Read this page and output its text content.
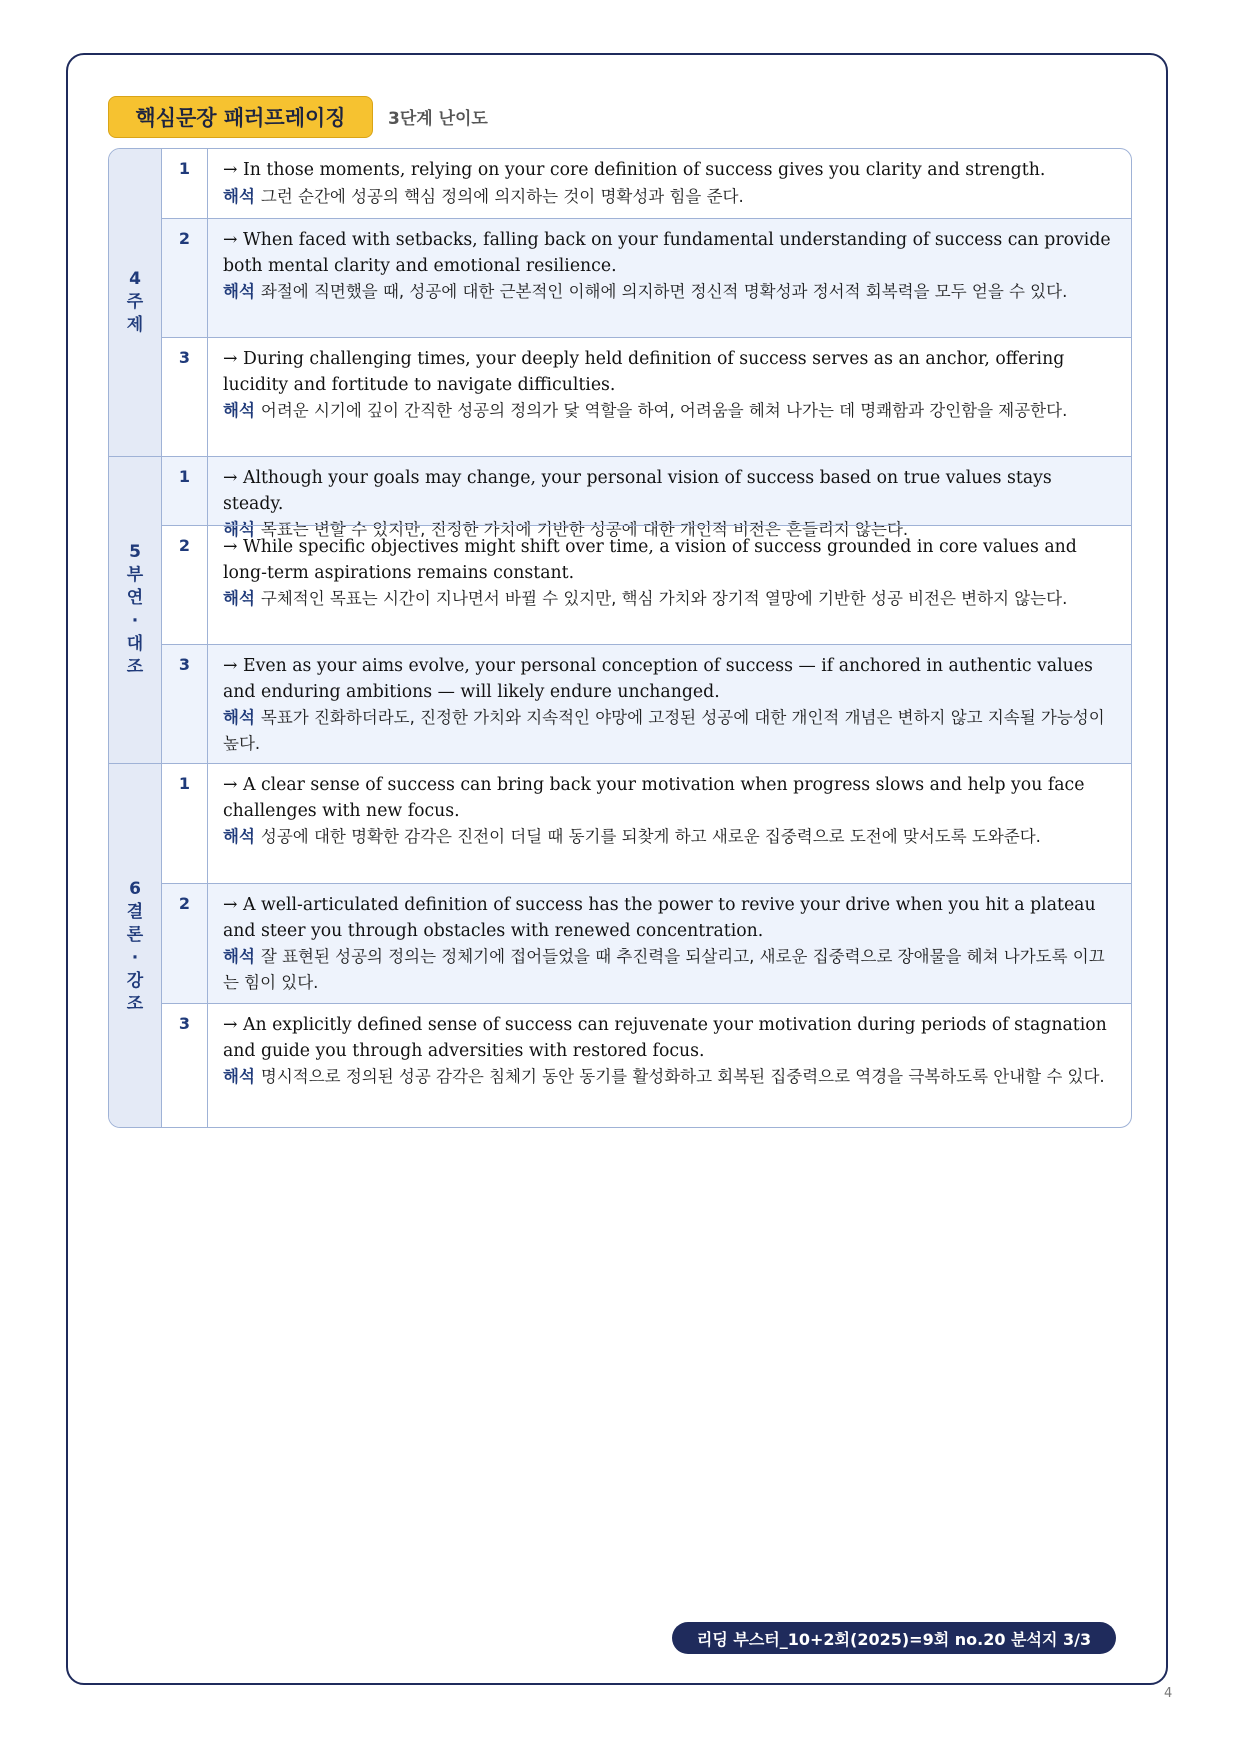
핵심문장 패러프레이징	3단계 난이도
4주제
1	→ In those moments, relying on your core definition of success gives you clarity and strength.
해석 그런 순간에 성공의 핵심 정의에 의지하는 것이 명확성과 힘을 준다.
2	→ When faced with setbacks, falling back on your fundamental understanding of success can provide both mental clarity and emotional resilience.
해석 좌절에 직면했을 때, 성공에 대한 근본적인 이해에 의지하면 정신적 명확성과 정서적 회복력을 모두 얻을 수 있다.
3	→ During challenging times, your deeply held definition of success serves as an anchor, offering lucidity and fortitude to navigate difficulties.
해석 어려운 시기에 깊이 간직한 성공의 정의가 닻 역할을 하여, 어려움을 헤쳐 나가는 데 명쾌함과 강인함을 제공한다.
5부연·대조
1	→ Although your goals may change, your personal vision of success based on true values stays steady.
해석 목표는 변할 수 있지만, 진정한 가치에 기반한 성공에 대한 개인적 비전은 흔들리지 않는다.
2	→ While specific objectives might shift over time, a vision of success grounded in core values and long-term aspirations remains constant.
해석 구체적인 목표는 시간이 지나면서 바뀔 수 있지만, 핵심 가치와 장기적 열망에 기반한 성공 비전은 변하지 않는다.
3	→ Even as your aims evolve, your personal conception of success — if anchored in authentic values and enduring ambitions — will likely endure unchanged.
해석 목표가 진화하더라도, 진정한 가치와 지속적인 야망에 고정된 성공에 대한 개인적 개념은 변하지 않고 지속될 가능성이 높다.
6결론·강조
1	→ A clear sense of success can bring back your motivation when progress slows and help you face challenges with new focus.
해석 성공에 대한 명확한 감각은 진전이 더딜 때 동기를 되찾게 하고 새로운 집중력으로 도전에 맞서도록 도와준다.
2	→ A well-articulated definition of success has the power to revive your drive when you hit a plateau and steer you through obstacles with renewed concentration.
해석 잘 표현된 성공의 정의는 정체기에 접어들었을 때 추진력을 되살리고, 새로운 집중력으로 장애물을 헤쳐 나가도록 이끄는 힘이 있다.
3	→ An explicitly defined sense of success can rejuvenate your motivation during periods of stagnation and guide you through adversities with restored focus.
해석 명시적으로 정의된 성공 감각은 침체기 동안 동기를 활성화하고 회복된 집중력으로 역경을 극복하도록 안내할 수 있다.
리딩 부스터_10+2회(2025)=9회 no.20 분석지 3/3
4
